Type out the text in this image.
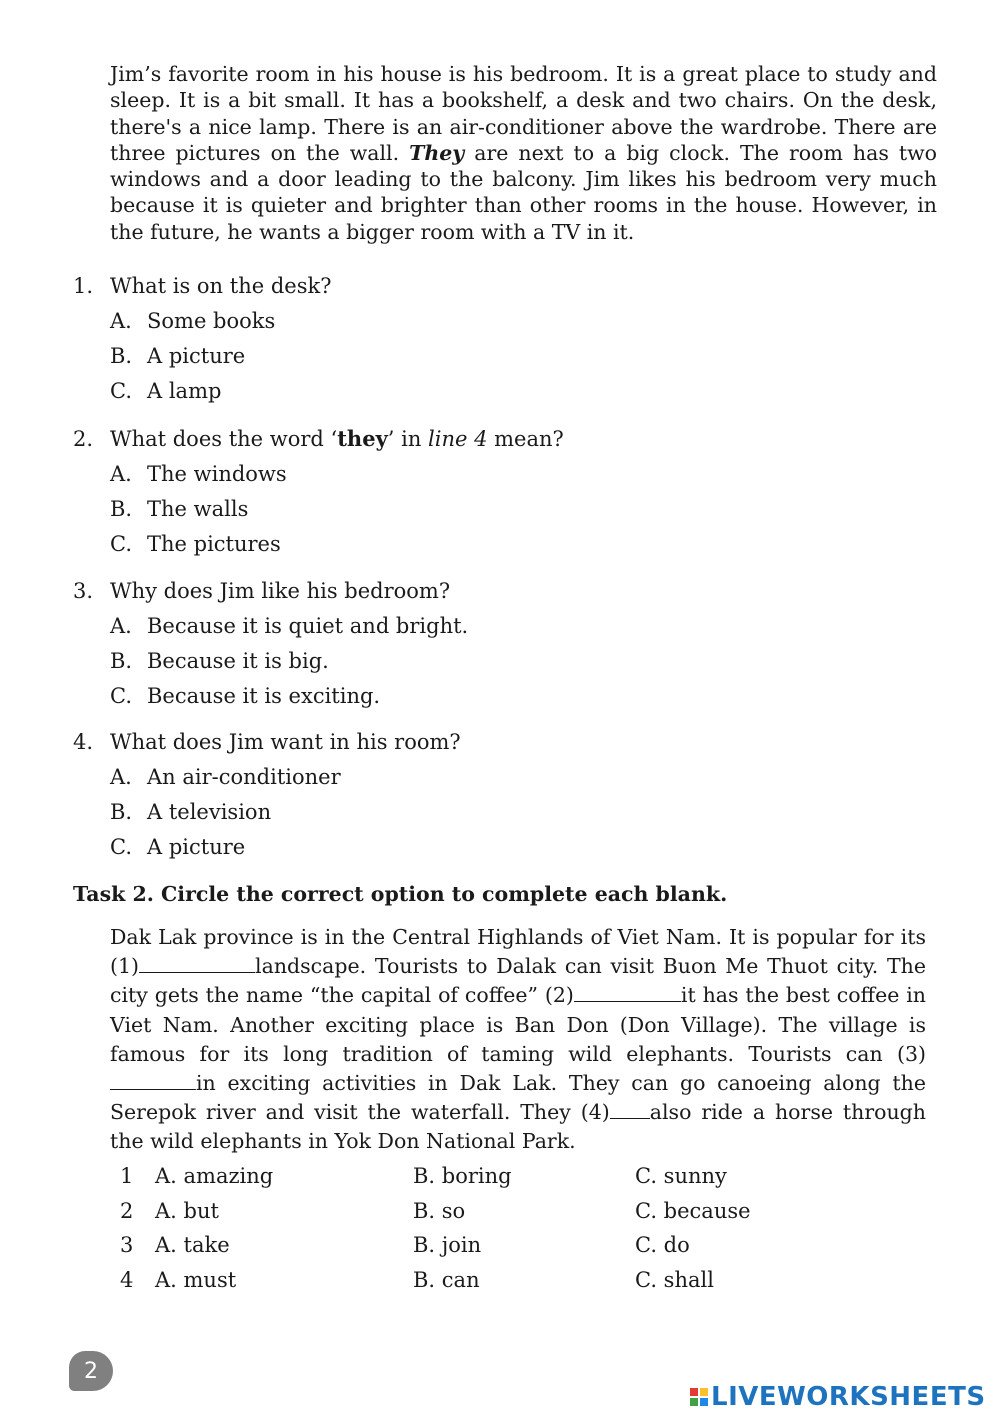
Jim’s favorite room in his house is his bedroom. It is a great place to study and sleep. It is a bit small. It has a bookshelf, a desk and two chairs. On the desk, there's a nice lamp. There is an air-conditioner above the wardrobe. There are three pictures on the wall. They are next to a big clock. The room has two windows and a door leading to the balcony. Jim likes his bedroom very much because it is quieter and brighter than other rooms in the house. However, in the future, he wants a bigger room with a TV in it.
1. What is on the desk?
A. Some books
B. A picture
C. A lamp
2. What does the word ‘they’ in line 4 mean?
A. The windows
B. The walls
C. The pictures
3. Why does Jim like his bedroom?
A. Because it is quiet and bright.
B. Because it is big.
C. Because it is exciting.
4. What does Jim want in his room?
A. An air-conditioner
B. A television
C. A picture
Task 2. Circle the correct option to complete each blank.
Dak Lak province is in the Central Highlands of Viet Nam. It is popular for its (1)	landscape. Tourists to Dalak can visit Buon Me Thuot city. The city gets the name “the capital of coffee” (2)	it has the best coffee in Viet Nam. Another exciting place is Ban Don (Don Village). The village is famous for its long tradition of taming wild elephants. Tourists can (3)in exciting activities in Dak Lak. They can go canoeing along the Serepok river and visit the waterfall. They (4) also ride a horse through the wild elephants in Yok Don National Park.
1	A. amazing	B. boring	C. sunny
2	A. but	B. so	C. because
3	A. take	B. join	C. do
4	A. must	B. can	C. shall
2
LIVEWORKSHEETS
